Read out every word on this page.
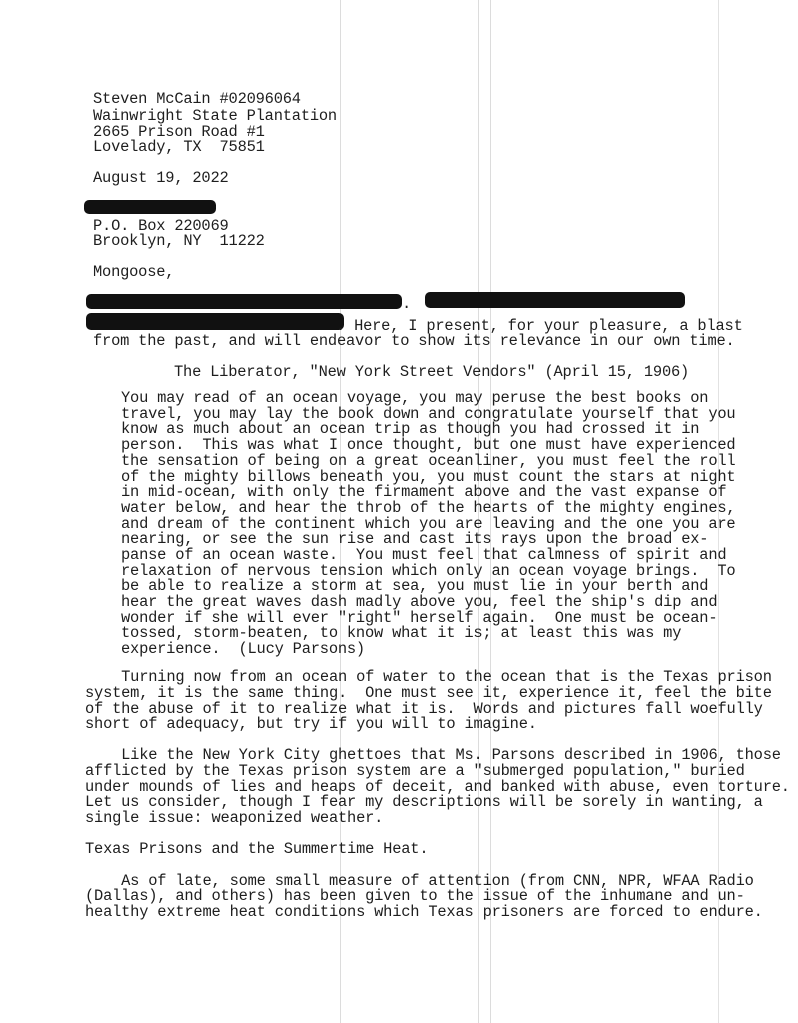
Steven McCain #02096064

Wainwright State Plantation

2665 Prison Road #1

Lovelady, TX  75851

August 19, 2022

P.O. Box 220069

Brooklyn, NY  11222

Mongoose,

.

. Here, I present, for your pleasure, a blast

from the past, and will endeavor to show its relevance in our own time.

The Liberator, "New York Street Vendors" (April 15, 1906)

You may read of an ocean voyage, you may peruse the best books on

travel, you may lay the book down and congratulate yourself that you

know as much about an ocean trip as though you had crossed it in

person.  This was what I once thought, but one must have experienced

the sensation of being on a great oceanliner, you must feel the roll

of the mighty billows beneath you, you must count the stars at night

in mid-ocean, with only the firmament above and the vast expanse of

water below, and hear the throb of the hearts of the mighty engines,

and dream of the continent which you are leaving and the one you are

nearing, or see the sun rise and cast its rays upon the broad ex-

panse of an ocean waste.  You must feel that calmness of spirit and

relaxation of nervous tension which only an ocean voyage brings.  To

be able to realize a storm at sea, you must lie in your berth and

hear the great waves dash madly above you, feel the ship's dip and

wonder if she will ever "right" herself again.  One must be ocean-

tossed, storm-beaten, to know what it is; at least this was my

experience.  (Lucy Parsons)

Turning now from an ocean of water to the ocean that is the Texas prison

system, it is the same thing.  One must see it, experience it, feel the bite

of the abuse of it to realize what it is.  Words and pictures fall woefully

short of adequacy, but try if you will to imagine.

Like the New York City ghettoes that Ms. Parsons described in 1906, those

afflicted by the Texas prison system are a "submerged population," buried

under mounds of lies and heaps of deceit, and banked with abuse, even torture.

Let us consider, though I fear my descriptions will be sorely in wanting, a

single issue: weaponized weather.

Texas Prisons and the Summertime Heat.

As of late, some small measure of attention (from CNN, NPR, WFAA Radio

(Dallas), and others) has been given to the issue of the inhumane and un-

healthy extreme heat conditions which Texas prisoners are forced to endure.
